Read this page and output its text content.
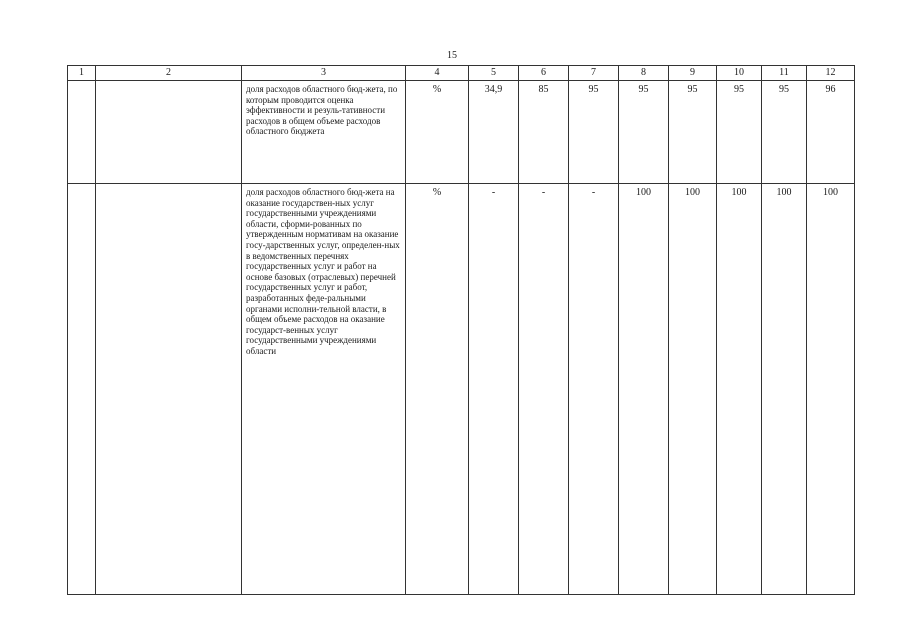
15
1	2	3	4	5	6	7	8	9	10	11	12
		доля расходов областного бюд-жета, по которым проводится оценка эффективности и резуль-тативности расходов в общем объеме расходов областного бюджета	%	34,9	85	95	95	95	95	95	96
		доля расходов областного бюд-жета на оказание государствен-ных услуг государственными учреждениями области, сформи-рованных по утвержденным нормативам на оказание госу-дарственных услуг, определен-ных в ведомственных перечнях государственных услуг и работ на основе базовых (отраслевых) перечней государственных услуг и работ, разработанных феде-ральными органами исполни-тельной власти, в общем объеме расходов на оказание государст-венных услуг государственными учреждениями области	%	-	-	-	100	100	100	100	100
